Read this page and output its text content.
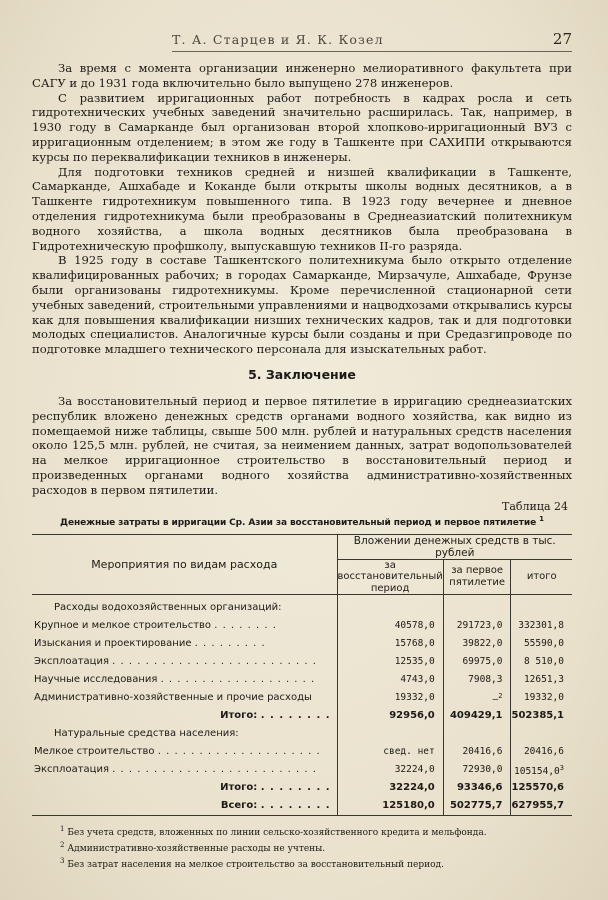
Т. А. Старцев и Я. К. Козел	27

За время с момента организации инженерно мелиоративного факультета при САГУ и до 1931 года включительно было выпущено 278 инженеров.

С развитием ирригационных работ потребность в кадрах росла и сеть гидротехнических учебных заведений значительно расширилась. Так, например, в 1930 году в Самарканде был организован второй хлопково-ирригационный ВУЗ с ирригационным отделением; в этом же году в Ташкенте при САХИПИ открываются курсы по переквалификации техников в инженеры.

Для подготовки техников средней и низшей квалификации в Ташкенте, Самарканде, Ашхабаде и Коканде были открыты школы водных десятников, а в Ташкенте гидротехникум повышенного типа. В 1923 году вечернее и дневное отделения гидротехникума были преобразованы в Среднеазиатский политехникум водного хозяйства, а школа водных десятников была преобразована в Гидротехническую профшколу, выпускавшую техников II-го разряда.

В 1925 году в составе Ташкентского политехникума было открыто отделение квалифицированных рабочих; в городах Самарканде, Мирзачуле, Ашхабаде, Фрунзе были организованы гидротехникумы. Кроме перечисленной стационарной сети учебных заведений, строительными управлениями и нацводхозами открывались курсы как для повышения квалификации низших технических кадров, так и для подготовки молодых специалистов. Аналогичные курсы были созданы и при Средазгипроводе по подготовке младшего технического персонала для изыскательных работ.

5. Заключение

За восстановительный период и первое пятилетие в ирригацию среднеазиатских республик вложено денежных средств органами водного хозяйства, как видно из помещаемой ниже таблицы, свыше 500 млн. рублей и натуральных средств населения около 125,5 млн. рублей, не считая, за неимением данных, затрат водопользователей на мелкое ирригационное строительство в восстановительный период и произведенных органами водного хозяйства административно-хозяйственных расходов в первом пятилетии.

Таблица 24
Денежные затраты в ирригации Ср. Азии за восстановительный период и первое пятилетие $^1$
Мероприятия по видам расхода	Вложении денежных средств в тыс. рублей		
	за восстановительный период	за первое пятилетие	итого
Расходы водохозяйственных организаций:			
Крупное и мелкое строительство . . . . . . . .	40578,0	291723,0	332301,8
Изыскания и проектирование . . . . . . . . .	15768,0	39822,0	55590,0
Эксплоатация . . . . . . . . . . . . . . . . . . . . . . . . .	12535,0	69975,0	8 510,0
Научные исследования . . . . . . . . . . . . . . . . . . .	4743,0	7908,3	12651,3
Административно-хозяйственные и прочие расходы	19332,0	—$^2$	19332,0
Итого: . . . . . . . .	92956,0	409429,1	502385,1
Натуральные средства населения:			
Мелкое строительство . . . . . . . . . . . . . . . . . . . .	свед. нет	20416,6	20416,6
Эксплоатация . . . . . . . . . . . . . . . . . . . . . . . . .	32224,0	72930,0	105154,0$^3$
Итого: . . . . . . . .	32224,0	93346,6	125570,6
Всего: . . . . . . . .	125180,0	502775,7	627955,7
$^1$ Без учета средств, вложенных по линии сельско-хозяйственного кредита и мельфонда.
$^2$ Административно-хозяйственные расходы не учтены.
$^3$ Без затрат населения на мелкое строительство за восстановительный период.
